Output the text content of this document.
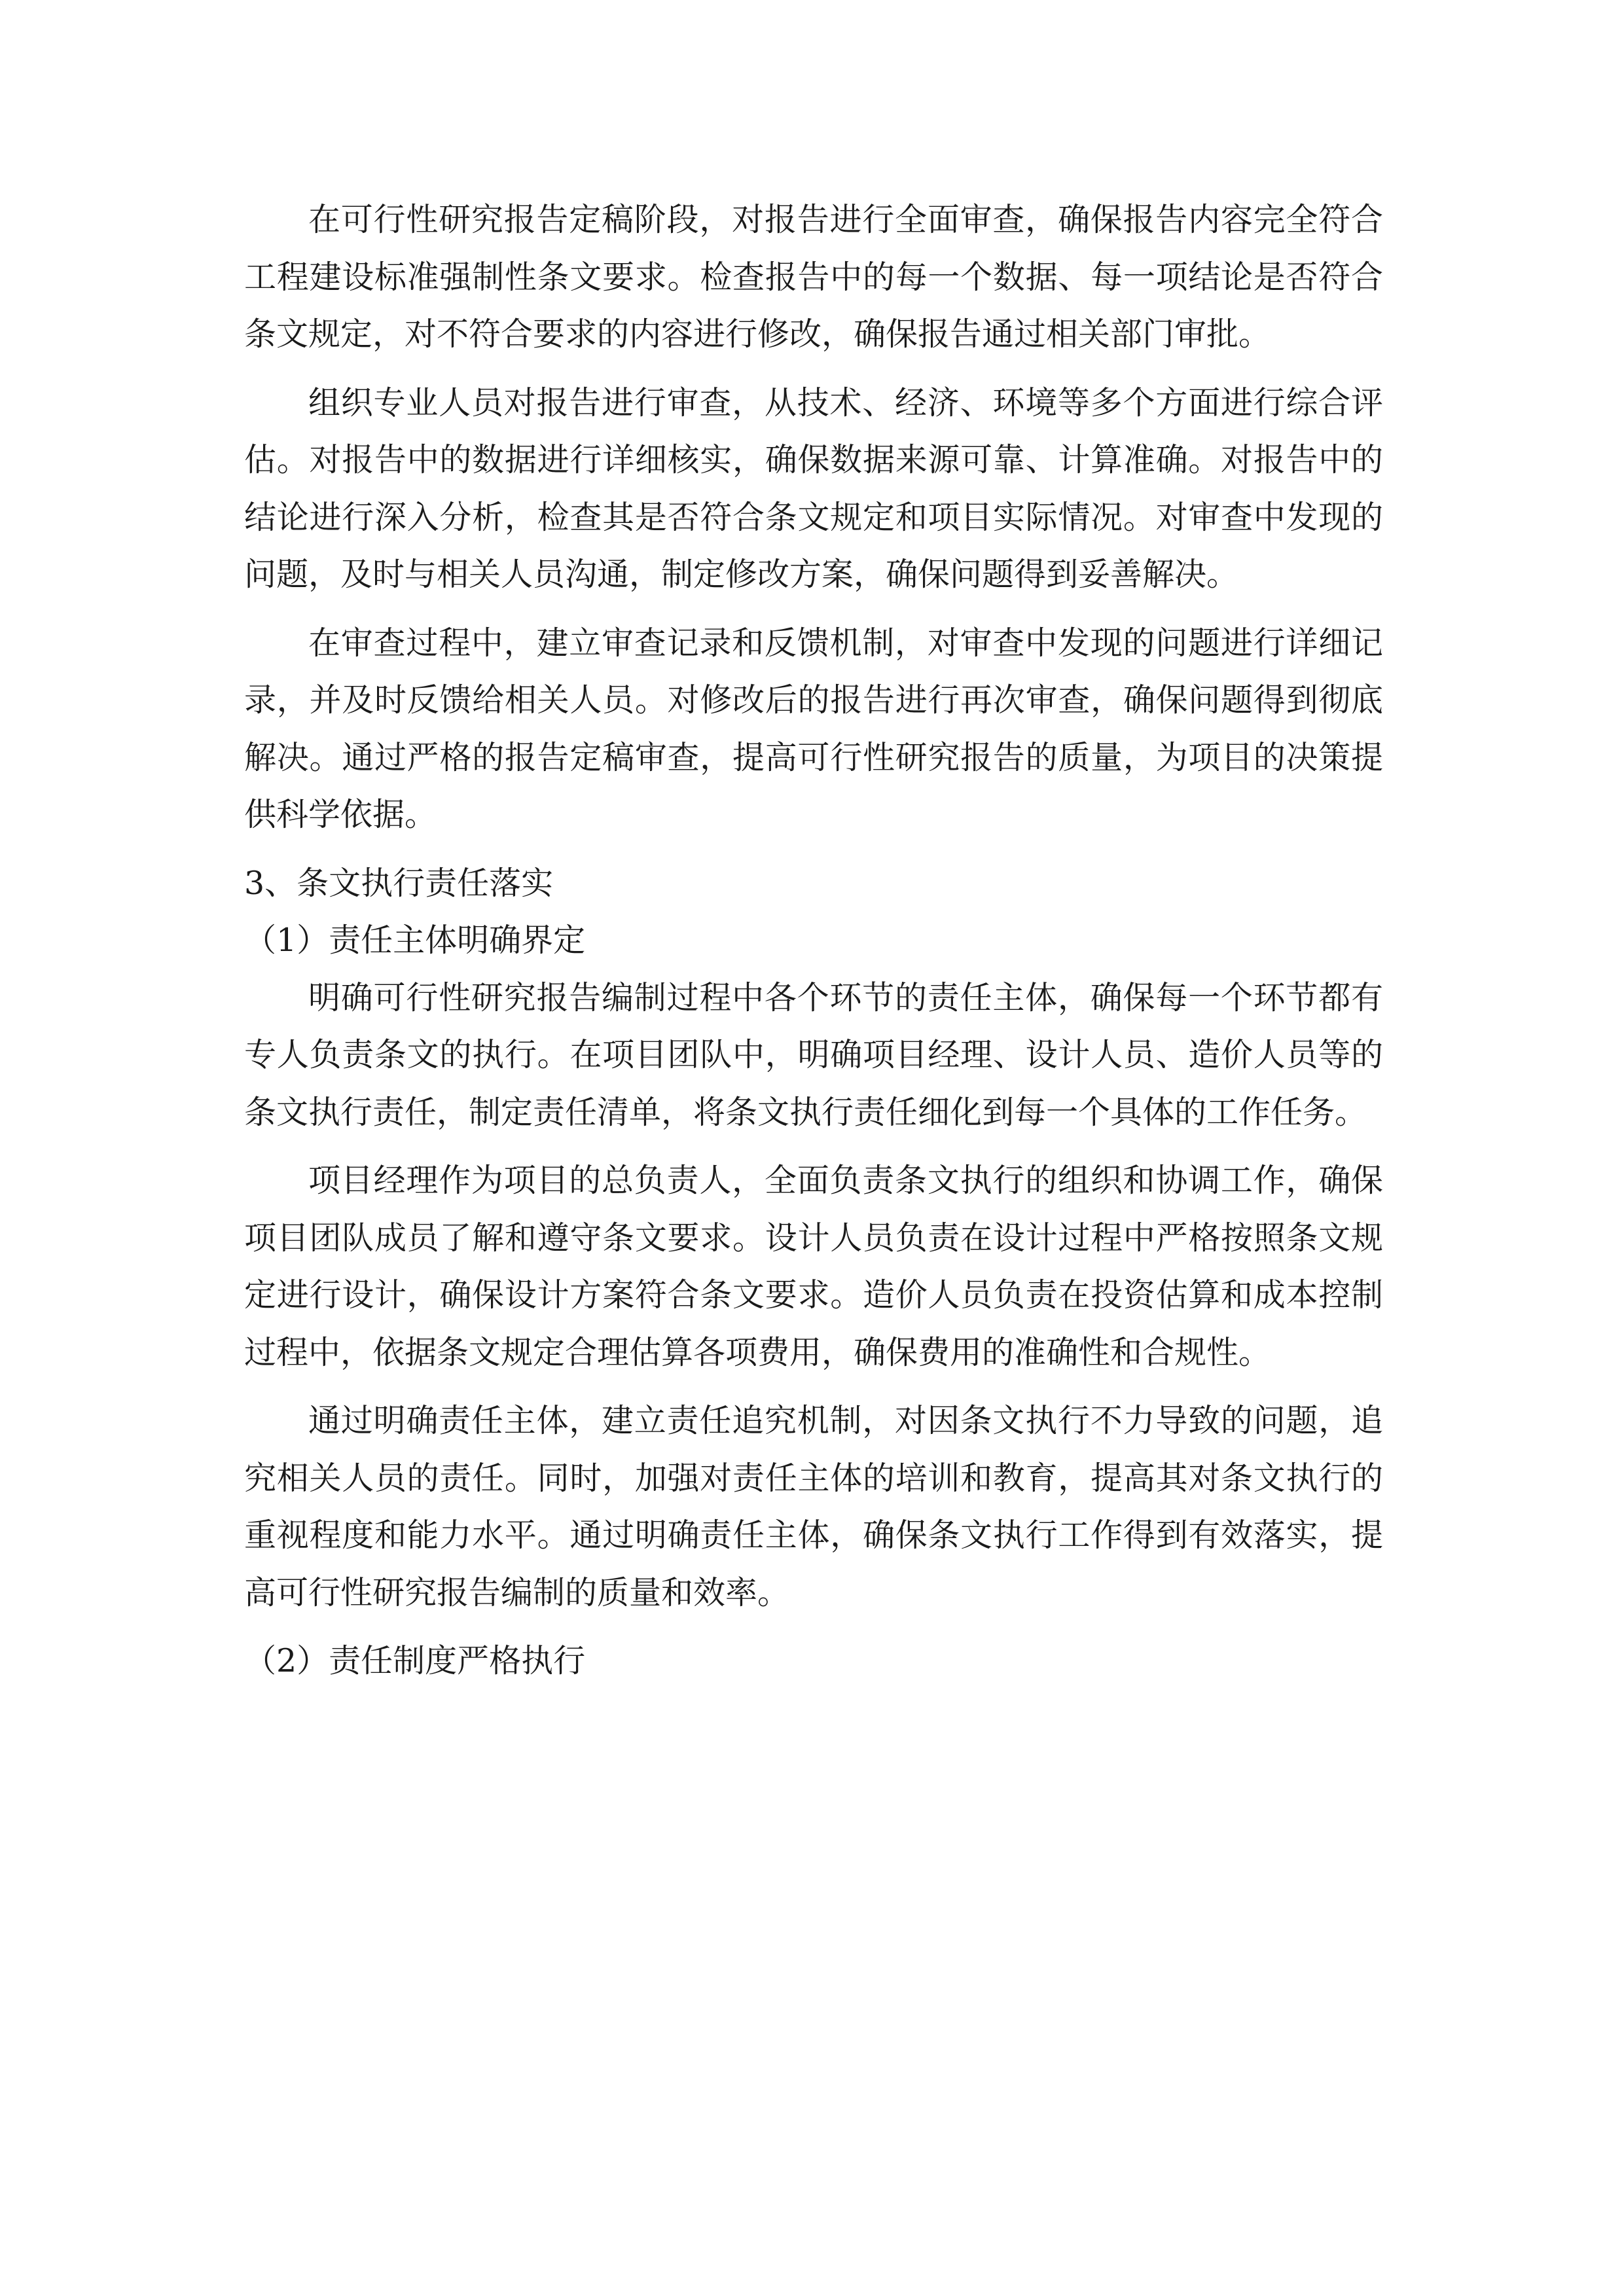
在可行性研究报告定稿阶段，对报告进行全面审查，确保报告内容完全符合工程建设标准强制性条文要求。检查报告中的每一个数据、每一项结论是否符合条文规定，对不符合要求的内容进行修改，确保报告通过相关部门审批。

组织专业人员对报告进行审查，从技术、经济、环境等多个方面进行综合评估。对报告中的数据进行详细核实，确保数据来源可靠、计算准确。对报告中的结论进行深入分析，检查其是否符合条文规定和项目实际情况。对审查中发现的问题，及时与相关人员沟通，制定修改方案，确保问题得到妥善解决。

在审查过程中，建立审查记录和反馈机制，对审查中发现的问题进行详细记录，并及时反馈给相关人员。对修改后的报告进行再次审查，确保问题得到彻底解决。通过严格的报告定稿审查，提高可行性研究报告的质量，为项目的决策提供科学依据。

3、条文执行责任落实

（1）责任主体明确界定

明确可行性研究报告编制过程中各个环节的责任主体，确保每一个环节都有专人负责条文的执行。在项目团队中，明确项目经理、设计人员、造价人员等的条文执行责任，制定责任清单，将条文执行责任细化到每一个具体的工作任务。

项目经理作为项目的总负责人，全面负责条文执行的组织和协调工作，确保项目团队成员了解和遵守条文要求。设计人员负责在设计过程中严格按照条文规定进行设计，确保设计方案符合条文要求。造价人员负责在投资估算和成本控制过程中，依据条文规定合理估算各项费用，确保费用的准确性和合规性。

通过明确责任主体，建立责任追究机制，对因条文执行不力导致的问题，追究相关人员的责任。同时，加强对责任主体的培训和教育，提高其对条文执行的重视程度和能力水平。通过明确责任主体，确保条文执行工作得到有效落实，提高可行性研究报告编制的质量和效率。

（2）责任制度严格执行
